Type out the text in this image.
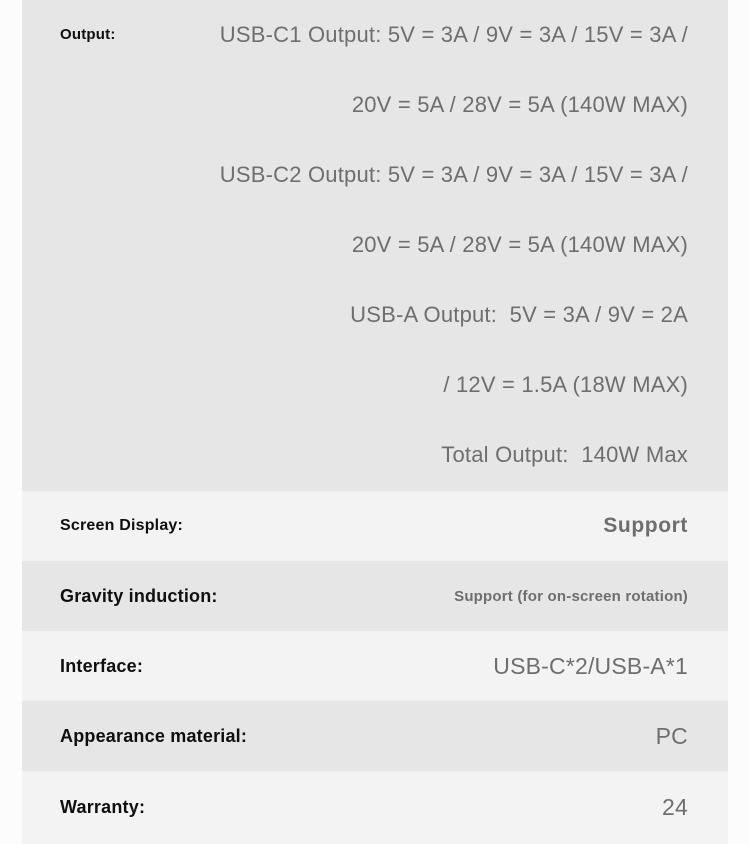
Output:	USB-C1 Output: 5V = 3A / 9V = 3A / 15V = 3A /
20V = 5A / 28V = 5A (140W MAX)
USB-C2 Output: 5V = 3A / 9V = 3A / 15V = 3A /
20V = 5A / 28V = 5A (140W MAX)
USB-A Output:  5V = 3A / 9V = 2A
/ 12V = 1.5A (18W MAX)
Total Output:  140W Max
Screen Display:	Support
Gravity induction:	Support (for on-screen rotation)
Interface:	USB-C*2/USB-A*1
Appearance material:	PC
Warranty:	24
